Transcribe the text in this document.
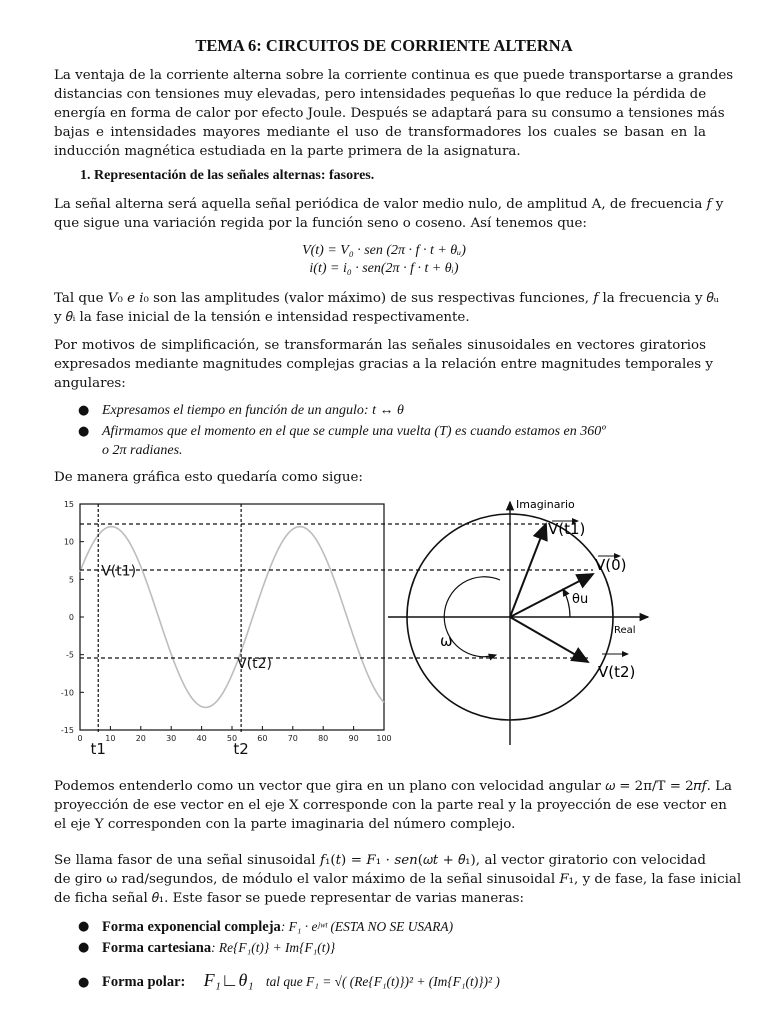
TEMA 6: CIRCUITOS DE CORRIENTE ALTERNA
La ventaja de la corriente alterna sobre la corriente continua es que puede transportarse a grandes
distancias con tensiones muy elevadas, pero intensidades pequeñas lo que reduce la pérdida de
energía en forma de calor por efecto Joule. Después se adaptará para su consumo a tensiones más
bajas e intensidades mayores mediante el uso de transformadores los cuales se basan en la
inducción magnética estudiada en la parte primera de la asignatura.
1. Representación de las señales alternas: fasores.
La señal alterna será aquella señal periódica de valor medio nulo, de amplitud A, de frecuencia 𝑓 y
que sigue una variación regida por la función seno o coseno. Así tenemos que:
V(t) = V₀ · sen (2π · f · t + θᵤ)
i(t) = i₀ · sen(2π · f · t + θᵢ)
Tal que 𝑉₀ 𝑒 𝑖₀ son las amplitudes (valor máximo) de sus respectivas funciones, 𝑓 la frecuencia y 𝜃ᵤ
y 𝜃ᵢ la fase inicial de la tensión e intensidad respectivamente.
Por motivos de simplificación, se transformarán las señales sinusoidales en vectores giratorios
expresados mediante magnitudes complejas gracias a la relación entre magnitudes temporales y
angulares:
● Expresamos el tiempo en función de un angulo: t ↔ θ
● Afirmamos que el momento en el que se cumple una vuelta (T) es cuando estamos en 360º
o 2π radianes.
De manera gráfica esto quedaría como sigue:
0	10	20	30	40	50	60	70	80	90 100
15
10
5
0
-5
-10
-15
t1	t2
V(t1)
V(t2)
Imaginario
Real
V(t1)
V(0)
V(t2)
θu
ω
Podemos entenderlo como un vector que gira en un plano con velocidad angular 𝜔 = 2π/T = 2𝜋𝑓. La
proyección de ese vector en el eje X corresponde con la parte real y la proyección de ese vector en
el eje Y corresponden con la parte imaginaria del número complejo.
Se llama fasor de una señal sinusoidal 𝑓₁(𝑡) = 𝐹₁ · 𝑠𝑒𝑛(𝜔𝑡 + 𝜃₁), al vector giratorio con velocidad
de giro ω rad/segundos, de módulo el valor máximo de la señal sinusoidal 𝐹₁, y de fase, la fase inicial
de ficha señal 𝜃₁. Este fasor se puede representar de varias maneras:
● Forma exponencial compleja: F₁ · eʲʷᵗ (ESTA NO SE USARA)
● Forma cartesiana: Re{F₁(t)} + Im{F₁(t)}
● Forma polar: F₁∟θ₁ tal que F₁ = √( (Re{F₁(t)})² + (Im{F₁(t)})² )
